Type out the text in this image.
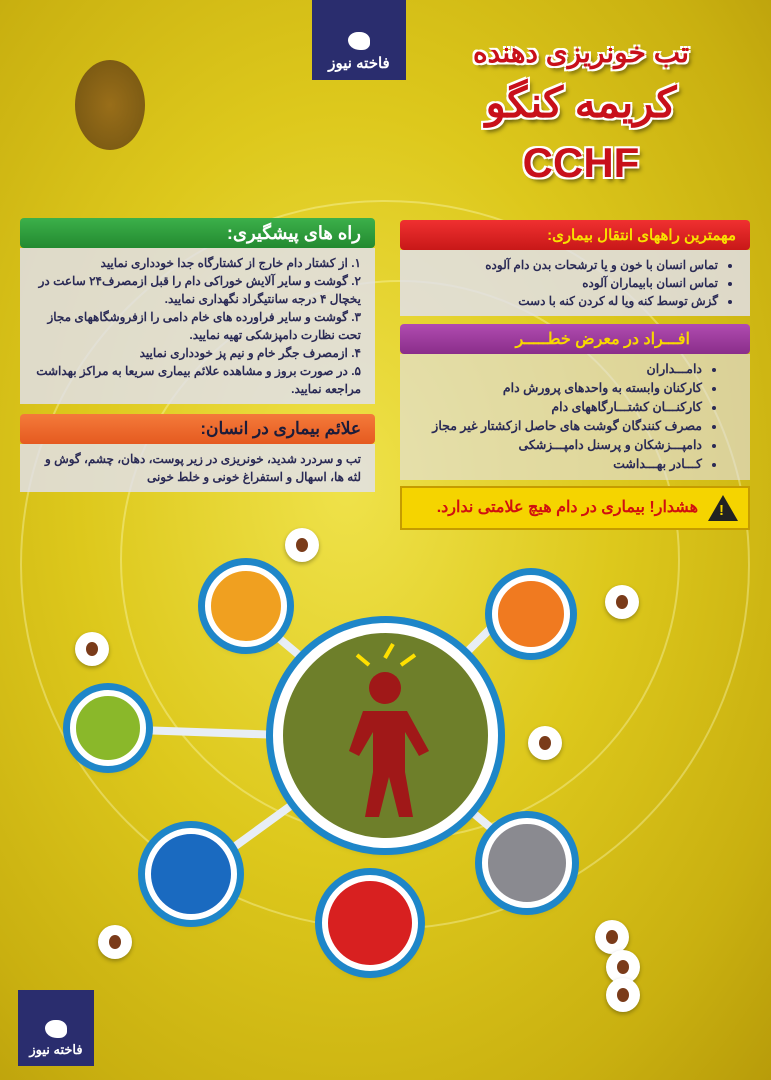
فاخته نیوز
فاخته نیوز
تب خونریزی دهنده
کریمه کنگو
CCHF
راه های پیشگیری:
۱. از کشتار دام خارج از کشتارگاه جدا خودداری نمایید
۲. گوشت و سایر آلایش خوراکی دام را قبل ازمصرف۲۴ ساعت در یخچال ۴ درجه سانتیگراد نگهداری نمایید.
۳. گوشت و سایر فراورده های خام دامی را ازفروشگاههای مجاز تحت نظارت دامپزشکی تهیه نمایید.
۴. ازمصرف جگر خام و نیم پز خودداری نمایید
۵. در صورت بروز و مشاهده علائم بیماری سریعا به مراکز بهداشت مراجعه نمایید.
علائم بیماری در انسان:
تب و سردرد شدید، خونریزی در زیر پوست، دهان، چشم، گوش و لثه ها، اسهال و استفراغ خونی و خلط خونی
مهمترین راههای انتقال بیماری:
• تماس انسان با خون و یا ترشحات بدن دام آلوده
• تماس انسان بابیماران آلوده
• گزش توسط کنه ویا له کردن کنه با دست
افـــراد در معرض خطـــــر
• دامـــداران
• کارکنان وابسته به واحدهای پرورش دام
• کارکنـــان کشتـــارگاههای دام
• مصرف کنندگان گوشت های حاصل ازکشتار غیر مجاز
• دامپـــزشکان و پرسنل دامپـــزشکی
• کـــادر بهـــداشت
!
هشدار! بیماری در دام هیچ علامتی ندارد.
